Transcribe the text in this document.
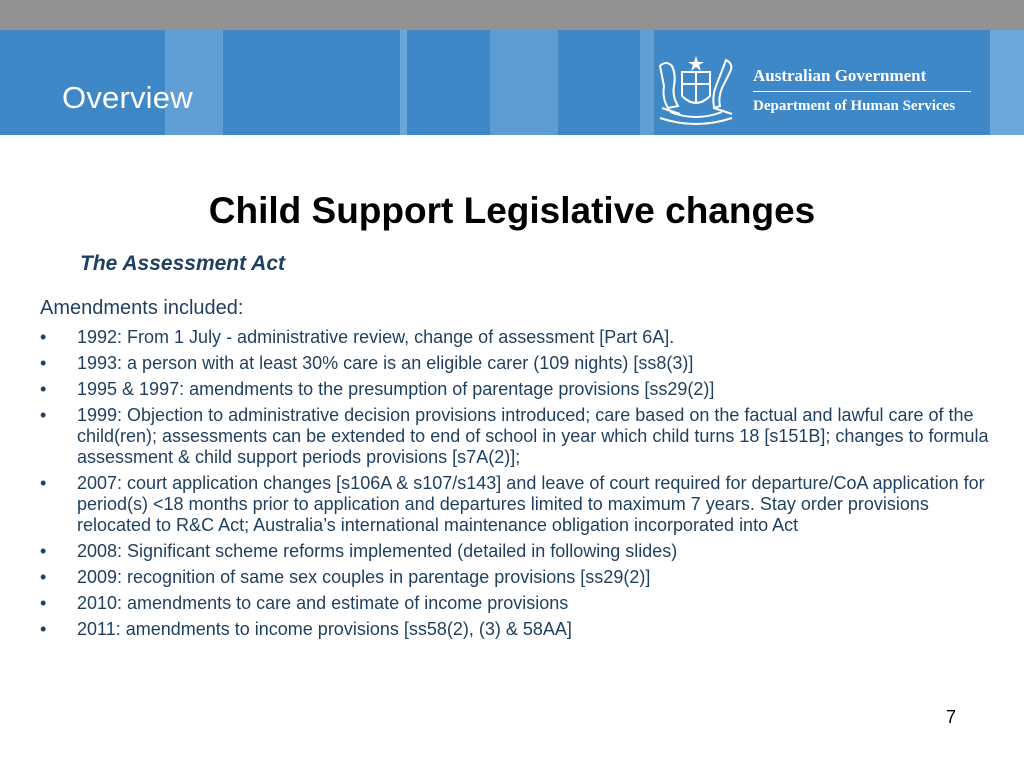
Overview
Australian Government
Department of Human Services
Child Support Legislative changes

The Assessment Act

Amendments included:

• 1992: From 1 July - administrative review, change of assessment [Part 6A].
• 1993: a person with at least 30% care is an eligible carer (109 nights) [ss8(3)]
• 1995 & 1997: amendments to the presumption of parentage provisions [ss29(2)]
• 1999: Objection to administrative decision provisions introduced; care based on the factual and lawful care of the child(ren); assessments can be extended to end of school in year which child turns 18 [s151B]; changes to formula assessment & child support periods provisions [s7A(2)];
• 2007: court application changes [s106A & s107/s143] and leave of court required for departure/CoA application for period(s) <18 months prior to application and departures limited to maximum 7 years. Stay order provisions relocated to R&C Act; Australia’s international maintenance obligation incorporated into Act
• 2008: Significant scheme reforms implemented (detailed in following slides)
• 2009: recognition of same sex couples in parentage provisions [ss29(2)]
• 2010: amendments to care and estimate of income provisions
• 2011: amendments to income provisions [ss58(2), (3) & 58AA]
7
